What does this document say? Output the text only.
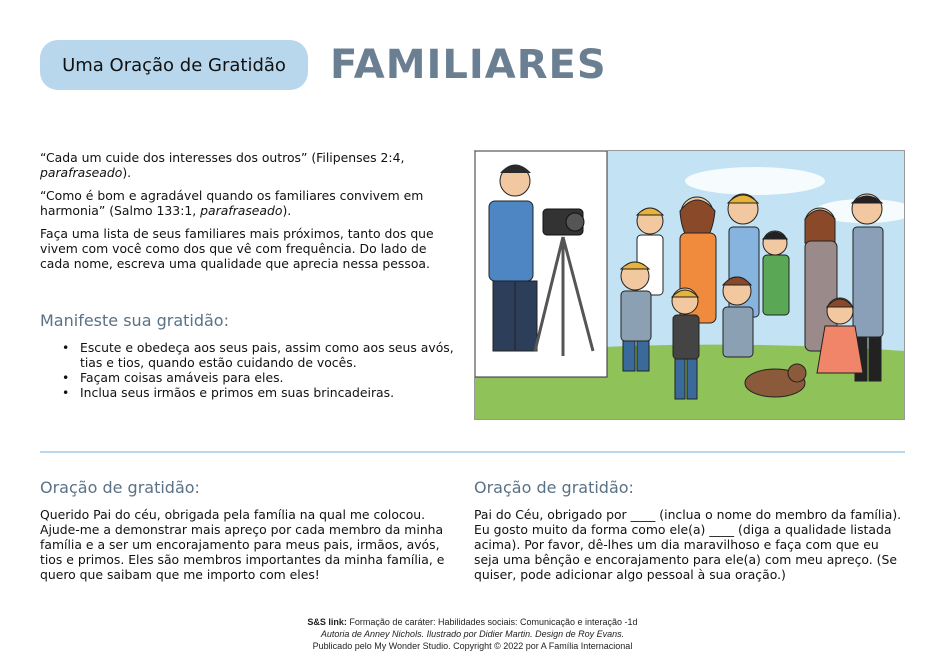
Uma Oração de Gratidão FAMILIARES

“Cada um cuide dos interesses dos outros” (Filipenses 2:4, parafraseado).

“Como é bom e agradável quando os familiares convivem em harmonia” (Salmo 133:1, parafraseado).

Faça uma lista de seus familiares mais próximos, tanto dos que vivem com você como dos que vê com frequência. Do lado de cada nome, escreva uma qualidade que aprecia nessa pessoa.

Manifeste sua gratidão:
• Escute e obedeça aos seus pais, assim como aos seus avós, tias e tios, quando estão cuidando de vocês.
• Façam coisas amáveis para eles.
• Inclua seus irmãos e primos em suas brincadeiras.
Oração de gratidão:

Querido Pai do céu, obrigada pela família na qual me colocou. Ajude-me a demonstrar mais apreço por cada membro da minha família e a ser um encorajamento para meus pais, irmãos, avós, tios e primos. Eles são membros importantes da minha família, e quero que saibam que me importo com eles!

Oração de gratidão:

Pai do Céu, obrigado por ____ (inclua o nome do membro da família). Eu gosto muito da forma como ele(a) ____ (diga a qualidade listada acima). Por favor, dê-lhes um dia maravilhoso e faça com que eu seja uma bênção e encorajamento para ele(a) com meu apreço. (Se quiser, pode adicionar algo pessoal à sua oração.)

S&S link: Formação de caráter: Habilidades sociais: Comunicação e interação -1d
Autoria de Anney Nichols. Ilustrado por Didier Martin. Design de Roy Evans.
Publicado pelo My Wonder Studio. Copyright © 2022 por A Família Internacional
